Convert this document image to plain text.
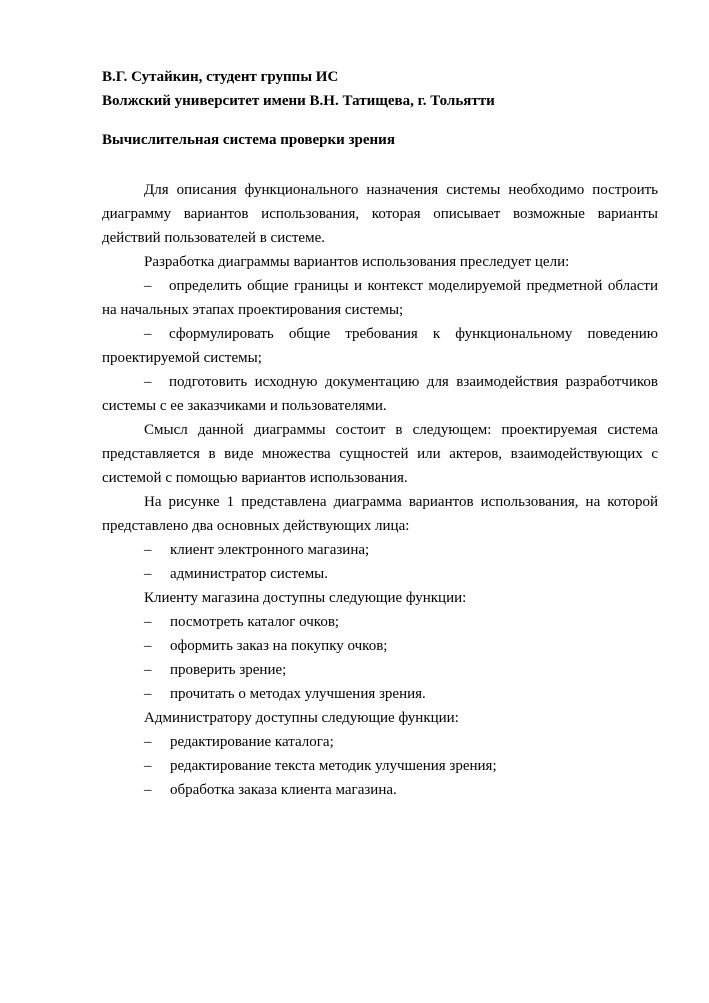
В.Г. Сутайкин, студент группы ИС
Волжский университет имени В.Н. Татищева, г. Тольятти
Вычислительная система проверки зрения

Для описания функционального назначения системы необходимо построить диаграмму вариантов использования, которая описывает возможные варианты действий пользователей в системе.

Разработка диаграммы вариантов использования преследует цели:

– определить общие границы и контекст моделируемой предметной области на начальных этапах проектирования системы;

– сформулировать общие требования к функциональному поведению проектируемой системы;

– подготовить исходную документацию для взаимодействия разработчиков системы с ее заказчиками и пользователями.

Смысл данной диаграммы состоит в следующем: проектируемая система представляется в виде множества сущностей или актеров, взаимодействующих с системой с помощью вариантов использования.

На рисунке 1 представлена диаграмма вариантов использования, на которой представлено два основных действующих лица:

– клиент электронного магазина;
– администратор системы.

Клиенту магазина доступны следующие функции:

– посмотреть каталог очков;
– оформить заказ на покупку очков;
– проверить зрение;
– прочитать о методах улучшения зрения.

Администратору доступны следующие функции:

– редактирование каталога;
– редактирование текста методик улучшения зрения;
– обработка заказа клиента магазина.
